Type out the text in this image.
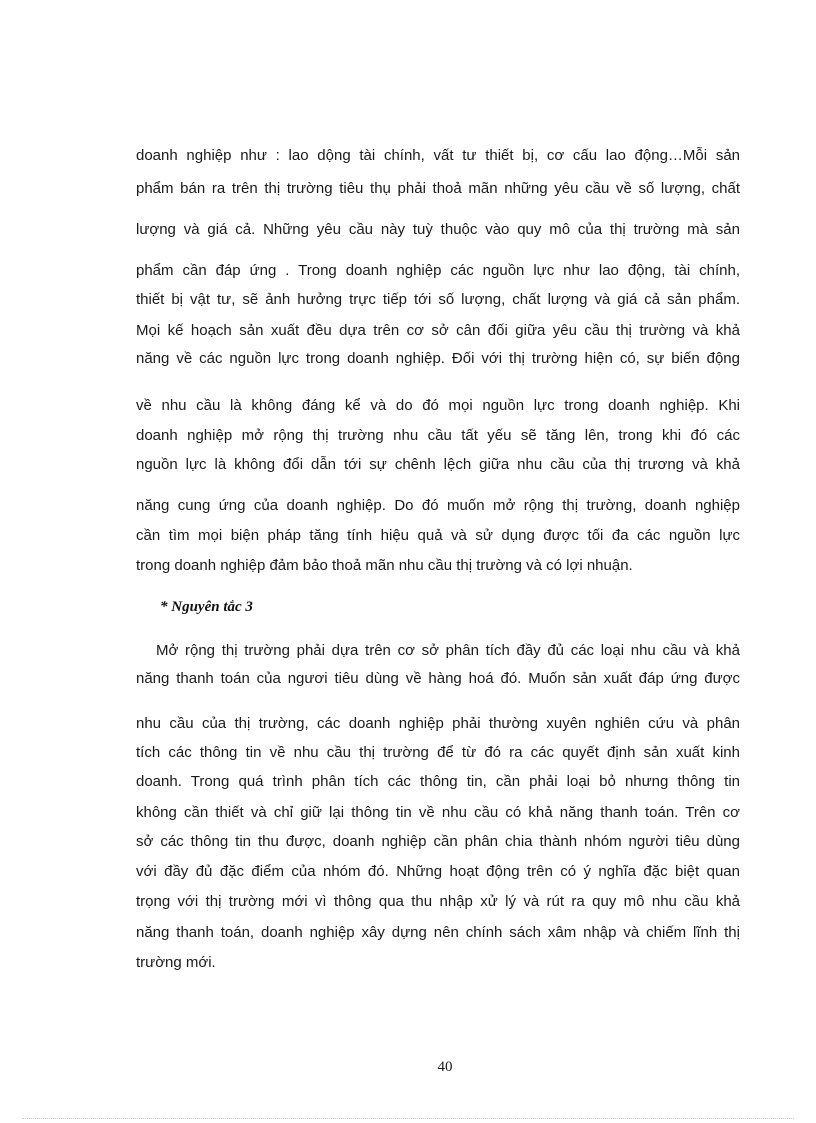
doanh nghiệp như : lao dộng tài chính, vất tư thiết bị, cơ cấu lao động…Mỗi sản

phẩm bán ra trên thị trường tiêu thụ phải thoả mãn những yêu cầu về số lượng, chất

lượng và giá cả. Những yêu cầu này tuỳ thuộc vào quy mô của thị trường mà sản

phẩm cần đáp ứng . Trong doanh nghiệp các nguồn lực như lao động, tài chính,

thiết bị vật tư, sẽ ảnh hưởng trực tiếp tới số lượng, chất lượng và giá cả sản phẩm.

Mọi kế hoạch sản xuất đều dựa trên cơ sở cân đối giữa yêu cầu thị trường và khả

năng về các nguồn lực trong doanh nghiệp. Đối với thị trường hiện có, sự biến động

về nhu cầu là không đáng kể và do đó mọi nguồn lực trong doanh nghiệp. Khi

doanh nghiệp mở rộng thị trường nhu cầu tất yếu sẽ tăng lên, trong khi đó các

nguồn lực là không đổi dẫn tới sự chênh lệch giữa nhu cầu của thị trương và khả

năng cung ứng của doanh nghiệp. Do đó muốn mở rộng thị trường, doanh nghiệp

cần tìm mọi biện pháp tăng tính hiệu quả và sử dụng được tối đa các nguồn lực

trong doanh nghiệp đảm bảo thoả mãn nhu cầu thị trường và có lợi nhuận.

* Nguyên tắc 3

Mở rộng thị trường phải dựa trên cơ sở phân tích đầy đủ các loại nhu cầu và khả

năng thanh toán của ngươi tiêu dùng về hàng hoá đó. Muốn sản xuất đáp ứng được

nhu cầu của thị trường, các doanh nghiệp phải thường xuyên nghiên cứu và phân

tích các thông tin về nhu cầu thị trường để từ đó ra các quyết định sản xuất kinh

doanh. Trong quá trình phân tích các thông tin, cần phải loại bỏ nhưng thông tin

không cần thiết và chỉ giữ lại thông tin về nhu cầu có khả năng thanh toán. Trên cơ

sở các thông tin thu được, doanh nghiệp cần phân chia thành nhóm người tiêu dùng

với đầy đủ đặc điểm của nhóm đó. Những hoạt động trên có ý nghĩa đặc biệt quan

trọng với thị trường mới vì thông qua thu nhập xử lý và rút ra quy mô nhu cầu khả

năng thanh toán, doanh nghiệp xây dựng nên chính sách xâm nhập và chiếm lĩnh thị

trường mới.

40
